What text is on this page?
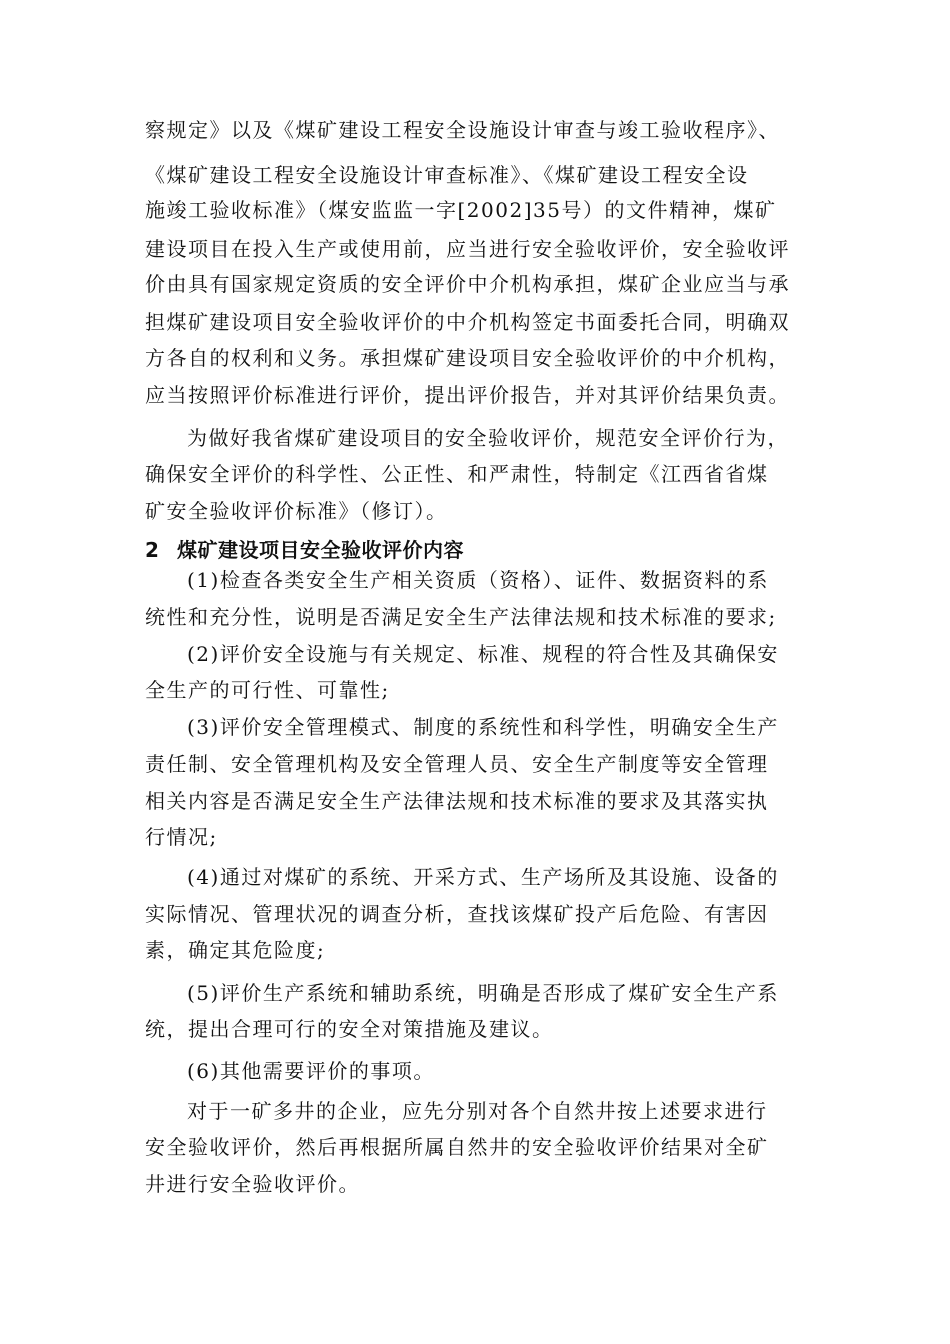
察规定》以及《煤矿建设工程安全设施设计审查与竣工验收程序》、
《煤矿建设工程安全设施设计审查标准》、《煤矿建设工程安全设
施竣工验收标准》（煤安监监一字[2002]35号）的文件精神，煤矿
建设项目在投入生产或使用前，应当进行安全验收评价，安全验收评
价由具有国家规定资质的安全评价中介机构承担，煤矿企业应当与承
担煤矿建设项目安全验收评价的中介机构签定书面委托合同，明确双
方各自的权利和义务。承担煤矿建设项目安全验收评价的中介机构，
应当按照评价标准进行评价，提出评价报告，并对其评价结果负责。
为做好我省煤矿建设项目的安全验收评价，规范安全评价行为，
确保安全评价的科学性、公正性、和严肃性，特制定《江西省省煤
矿安全验收评价标准》（修订）。
2 煤矿建设项目安全验收评价内容
(1)检查各类安全生产相关资质（资格）、证件、数据资料的系
统性和充分性，说明是否满足安全生产法律法规和技术标准的要求;
(2)评价安全设施与有关规定、标准、规程的符合性及其确保安
全生产的可行性、可靠性;
(3)评价安全管理模式、制度的系统性和科学性，明确安全生产
责任制、安全管理机构及安全管理人员、安全生产制度等安全管理
相关内容是否满足安全生产法律法规和技术标准的要求及其落实执
行情况;
(4)通过对煤矿的系统、开采方式、生产场所及其设施、设备的
实际情况、管理状况的调查分析，查找该煤矿投产后危险、有害因
素，确定其危险度;
(5)评价生产系统和辅助系统，明确是否形成了煤矿安全生产系
统，提出合理可行的安全对策措施及建议。
(6)其他需要评价的事项。
对于一矿多井的企业，应先分别对各个自然井按上述要求进行
安全验收评价，然后再根据所属自然井的安全验收评价结果对全矿
井进行安全验收评价。
